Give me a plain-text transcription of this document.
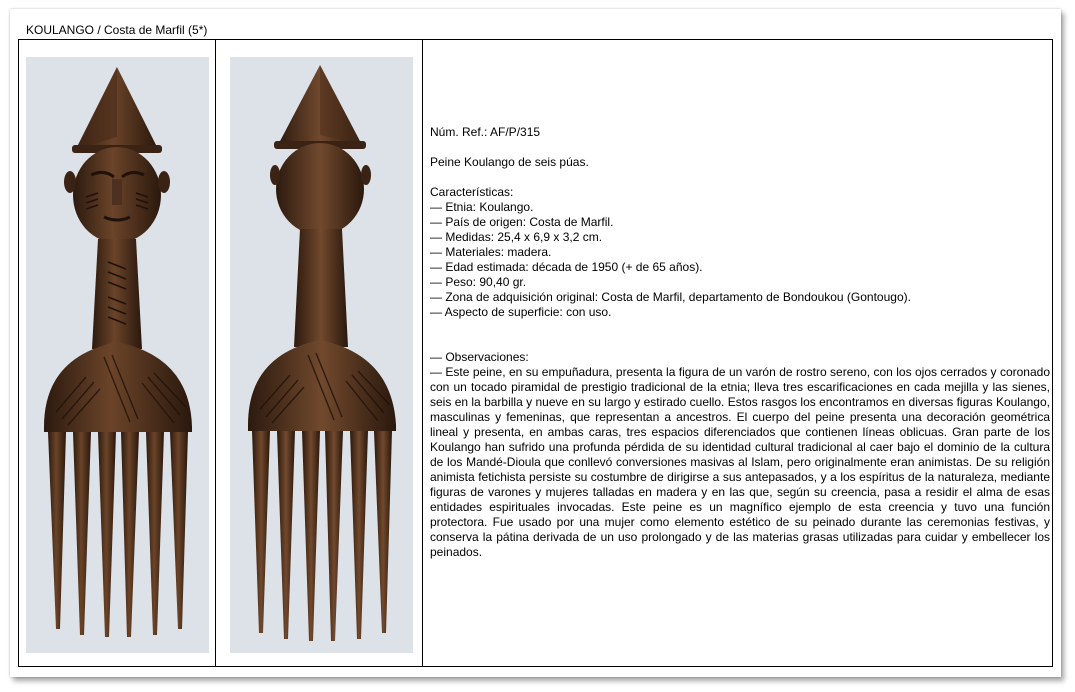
KOULANGO / Costa de Marfil (5*)

Núm. Ref.: AF/P/315

Peine Koulango de seis púas.

Características:

— Etnia: Koulango.

— País de origen: Costa de Marfil.

— Medidas: 25,4 x 6,9 x 3,2 cm.

— Materiales: madera.

— Edad estimada: década de 1950 (+ de 65 años).

— Peso: 90,40 gr.

— Zona de adquisición original: Costa de Marfil, departamento de Bondoukou (Gontougo).

— Aspecto de superficie: con uso.

— Observaciones:

— Este peine, en su empuñadura, presenta la figura de un varón de rostro sereno, con los ojos cerrados y coronado con un tocado piramidal de prestigio tradicional de la etnia; lleva tres escarificaciones en cada mejilla y las sienes, seis en la barbilla y nueve en su largo y estirado cuello. Estos rasgos los encontramos en diversas figuras Koulango, masculinas y femeninas, que representan a ancestros. El cuerpo del peine presenta una decoración geométrica lineal y presenta, en ambas caras, tres espacios diferenciados que contienen líneas oblicuas. Gran parte de los Koulango han sufrido una profunda pérdida de su identidad cultural tradicional al caer bajo el dominio de la cultura de los Mandé-Dioula que conllevó conversiones masivas al Islam, pero originalmente eran animistas. De su religión animista fetichista persiste su costumbre de dirigirse a sus antepasados, y a los espíritus de la naturaleza, mediante figuras de varones y mujeres talladas en madera y en las que, según su creencia, pasa a residir el alma de esas entidades espirituales invocadas. Este peine es un magnífico ejemplo de esta creencia y tuvo una función protectora. Fue usado por una mujer como elemento estético de su peinado durante las ceremonias festivas, y conserva la pátina derivada de un uso prolongado y de las materias grasas utilizadas para cuidar y embellecer los peinados.
